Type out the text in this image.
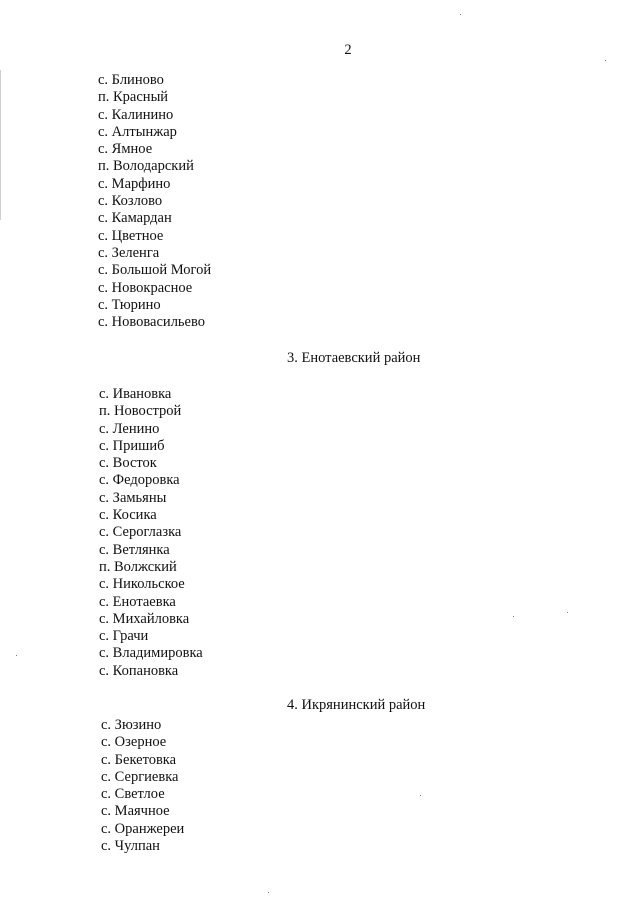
2
с. Блиново
п. Красный
с. Калинино
с. Алтынжар
с. Ямное
п. Володарский
с. Марфино
с. Козлово
с. Камардан
с. Цветное
с. Зеленга
с. Большой Могой
с. Новокрасное
с. Тюрино
с. Нововасильево
3. Енотаевский район
с. Ивановка
п. Новострой
с. Ленино
с. Пришиб
с. Восток
с. Федоровка
с. Замьяны
с. Косика
с. Сероглазка
с. Ветлянка
п. Волжский
с. Никольское
с. Енотаевка
с. Михайловка
с. Грачи
с. Владимировка
с. Копановка
4. Икрянинский район
с. Зюзино
с. Озерное
с. Бекетовка
с. Сергиевка
с. Светлое
с. Маячное
с. Оранжереи
с. Чулпан
